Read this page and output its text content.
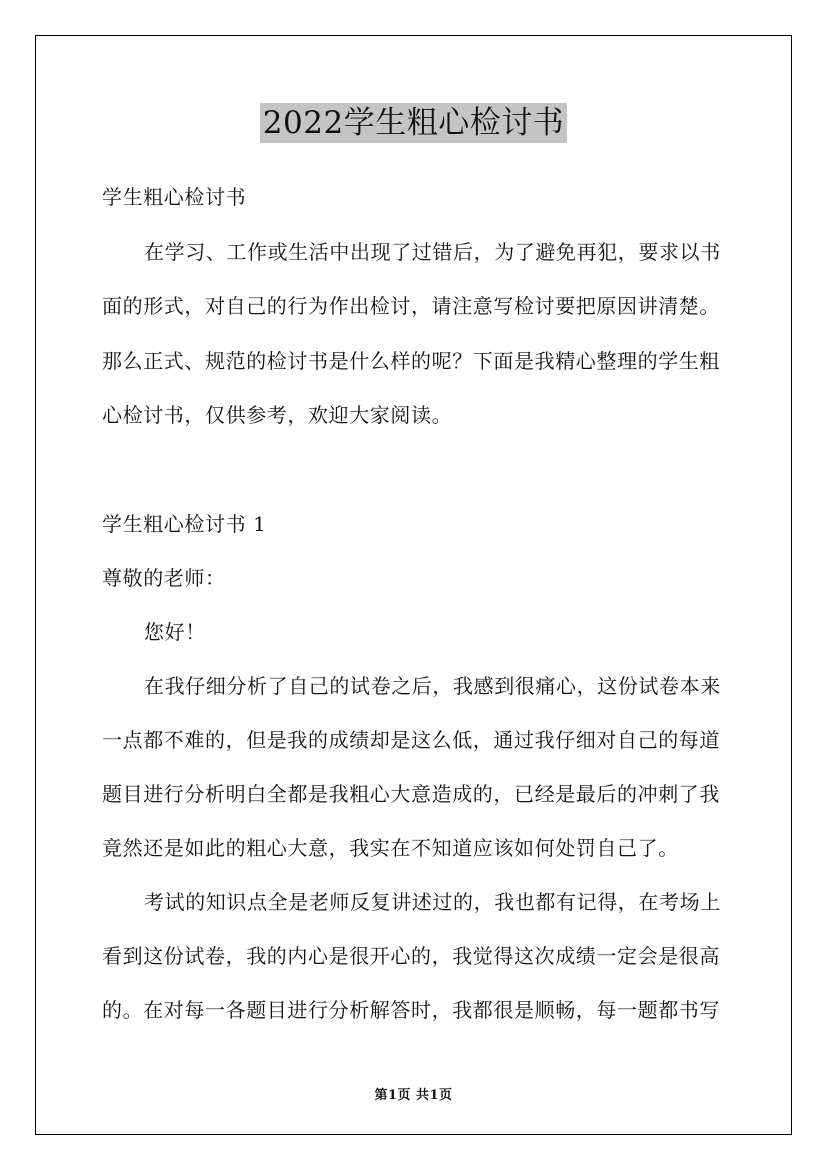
2022学生粗心检讨书

学生粗心检讨书

在学习、工作或生活中出现了过错后，为了避免再犯，要求以书

面的形式，对自己的行为作出检讨，请注意写检讨要把原因讲清楚。

那么正式、规范的检讨书是什么样的呢？下面是我精心整理的学生粗

心检讨书，仅供参考，欢迎大家阅读。

学生粗心检讨书 1

尊敬的老师：

您好！

在我仔细分析了自己的试卷之后，我感到很痛心，这份试卷本来

一点都不难的，但是我的成绩却是这么低，通过我仔细对自己的每道

题目进行分析明白全都是我粗心大意造成的，已经是最后的冲刺了我

竟然还是如此的粗心大意，我实在不知道应该如何处罚自己了。

考试的知识点全是老师反复讲述过的，我也都有记得，在考场上

看到这份试卷，我的内心是很开心的，我觉得这次成绩一定会是很高

的。在对每一各题目进行分析解答时，我都很是顺畅，每一题都书写

第1页 共1页
